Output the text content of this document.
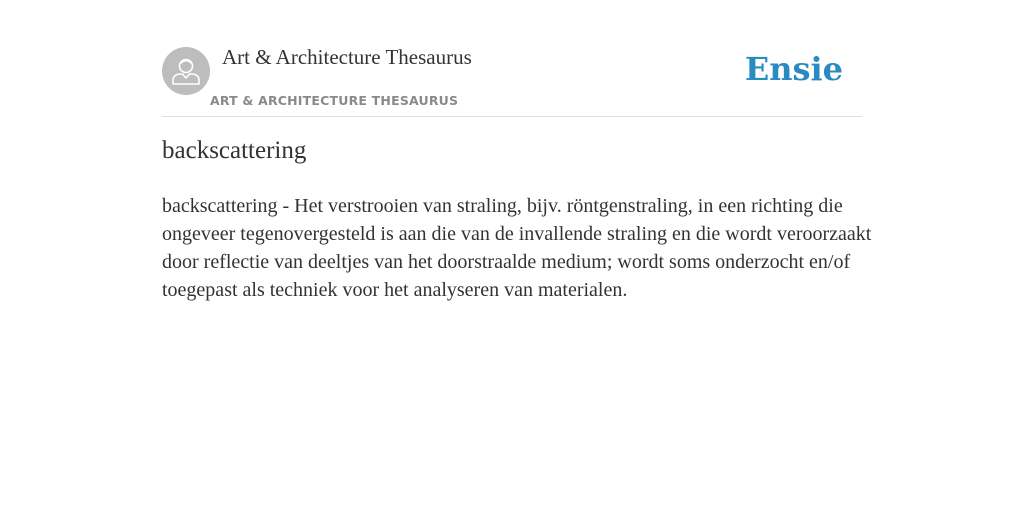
Art & Architecture Thesaurus
ART & ARCHITECTURE THESAURUS
Ensie
backscattering

backscattering - Het verstrooien van straling, bijv. röntgenstraling, in een richting die ongeveer tegenovergesteld is aan die van de invallende straling en die wordt veroorzaakt door reflectie van deeltjes van het doorstraalde medium; wordt soms onderzocht en/of toegepast als techniek voor het analyseren van materialen.
